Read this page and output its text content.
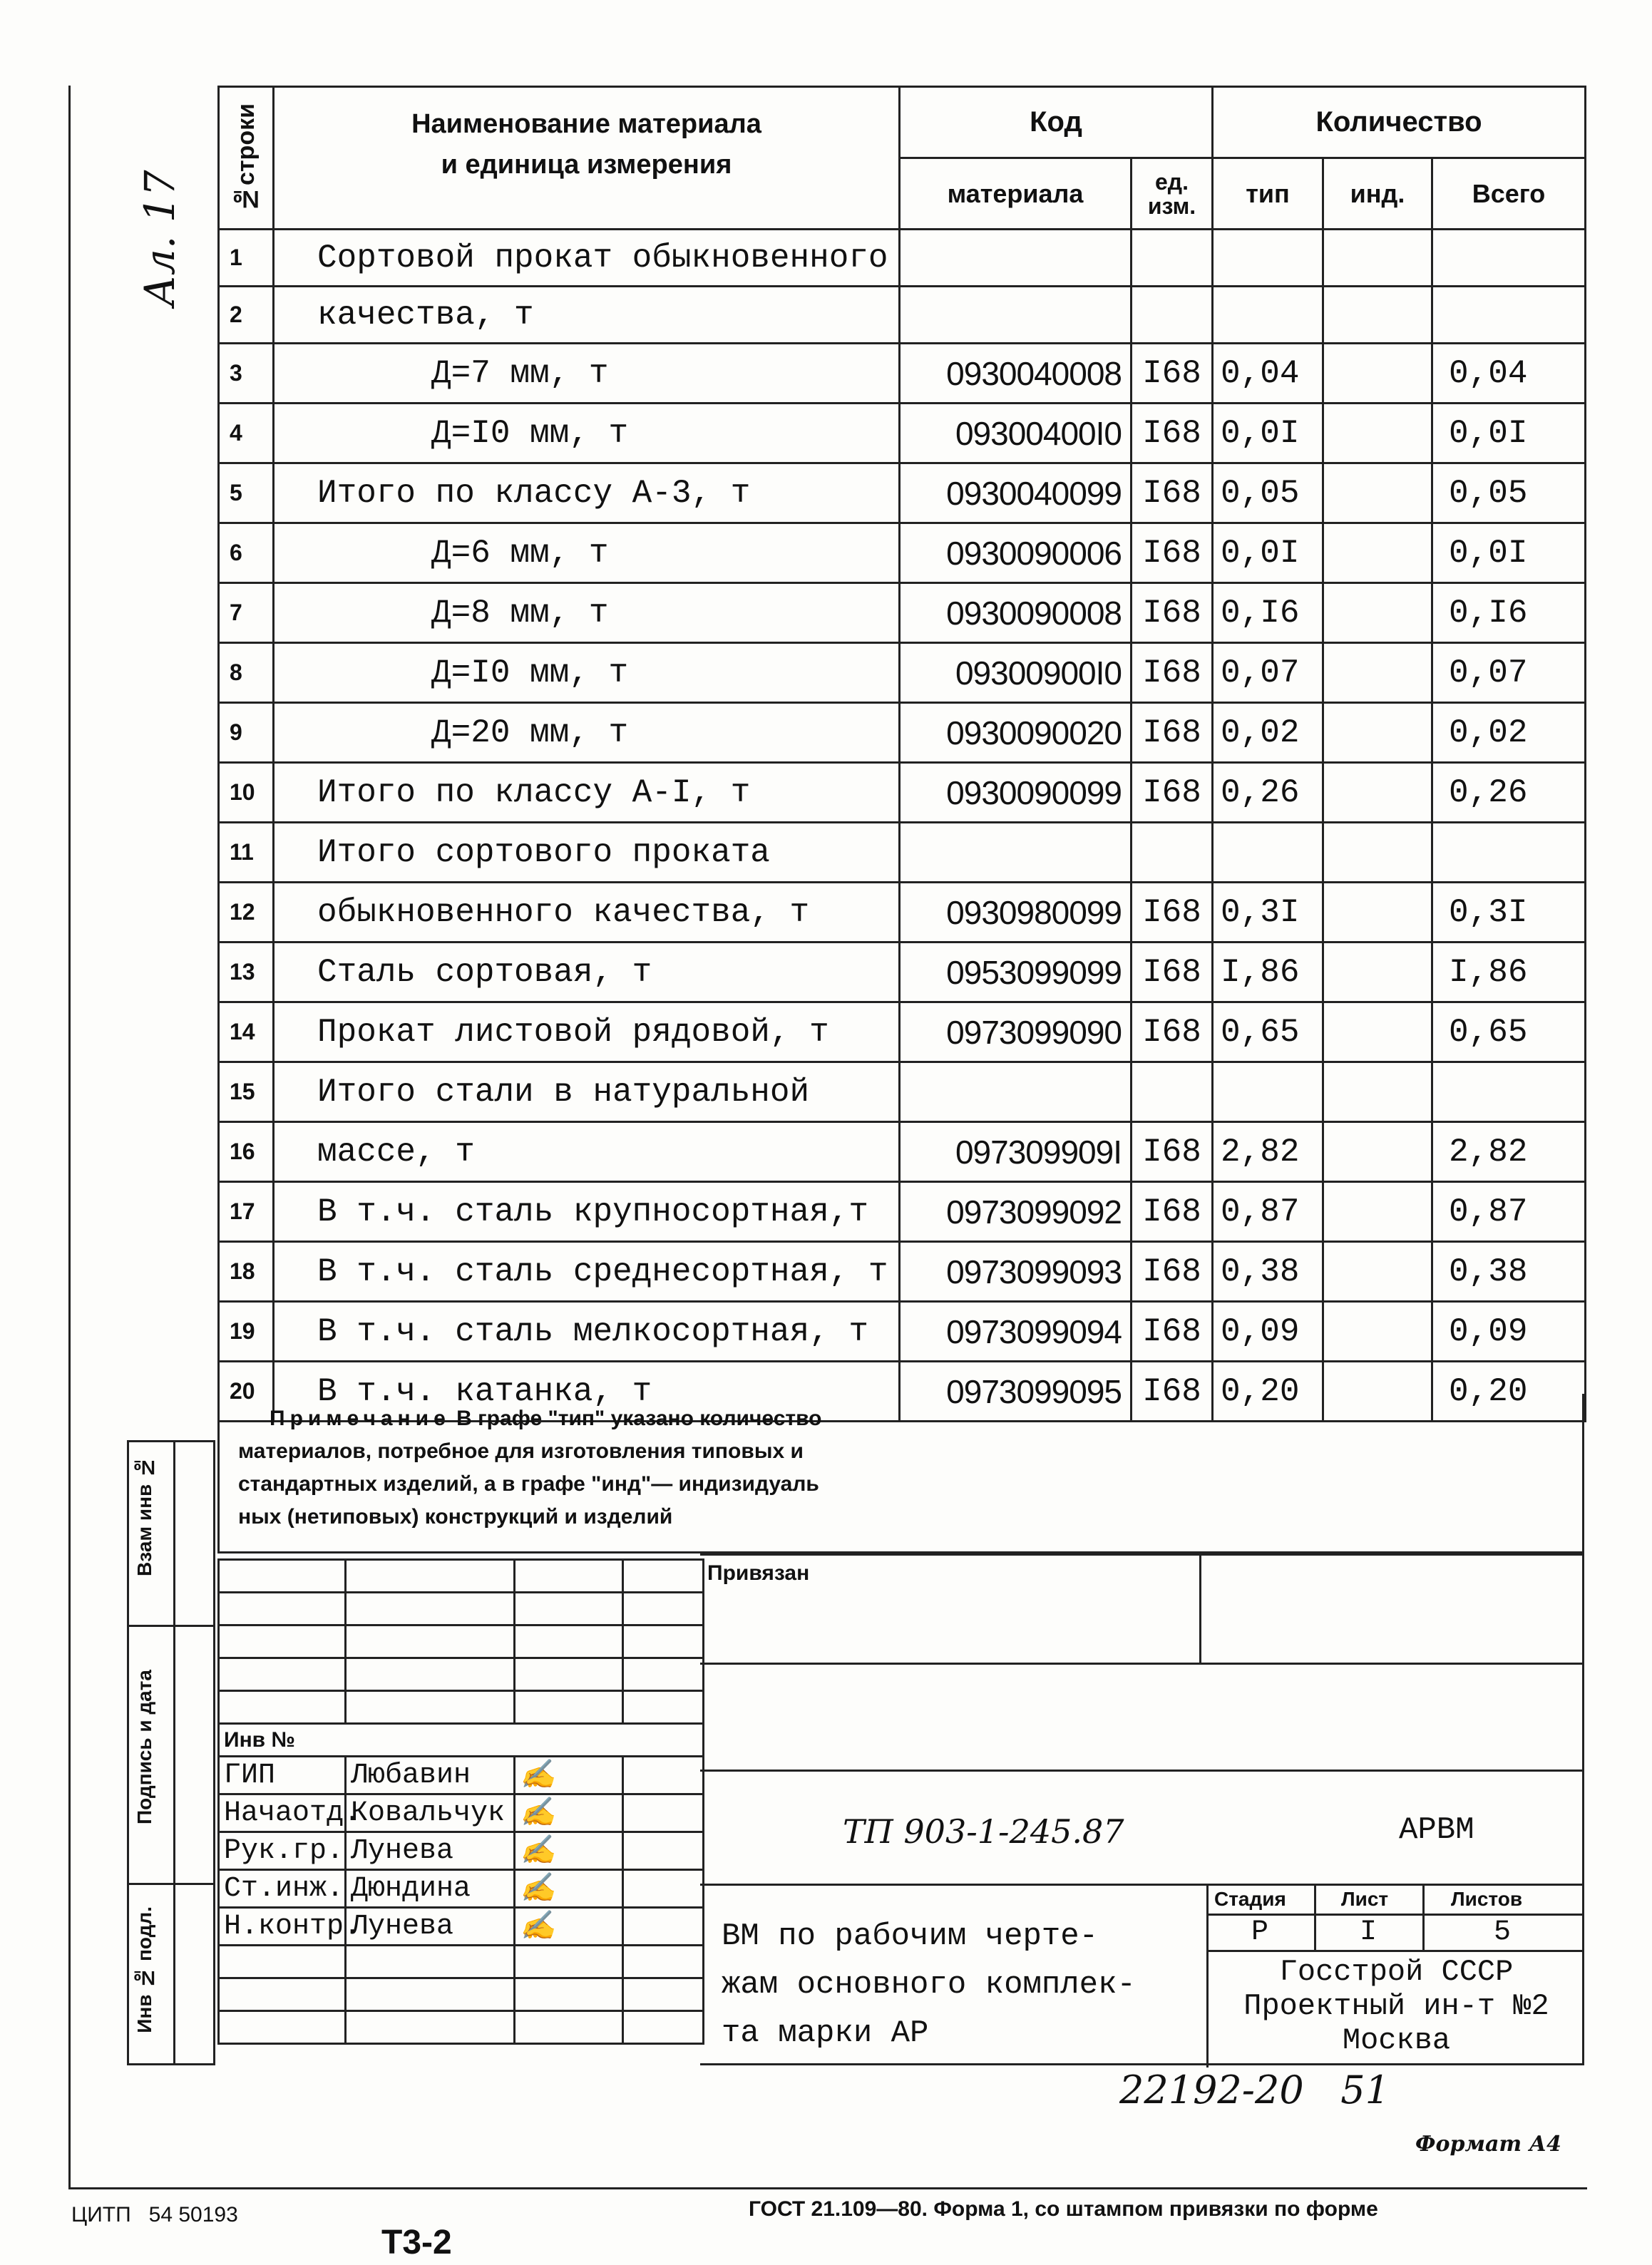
Ал. 17
№строки	Наименование материала
и единица измерения	Код		Количество		
		материала	ед. изм.	тип	инд.	Всего
1	Сортовой прокат обыкновенного					
2	качества, т					
3	Д=7 мм, т	0930040008	I68	0,04		0,04
4	Д=I0 мм, т	09300400I0	I68	0,0I		0,0I
5	Итого по классу А-3, т	0930040099	I68	0,05		0,05
6	Д=6 мм, т	0930090006	I68	0,0I		0,0I
7	Д=8 мм, т	0930090008	I68	0,I6		0,I6
8	Д=I0 мм, т	09300900I0	I68	0,07		0,07
9	Д=20 мм, т	0930090020	I68	0,02		0,02
10	Итого по классу А-I, т	0930090099	I68	0,26		0,26
11	Итого сортового проката					
12	обыкновенного качества, т	0930980099	I68	0,3I		0,3I
13	Сталь сортовая, т	0953099099	I68	I,86		I,86
14	Прокат листовой рядовой, т	0973099090	I68	0,65		0,65
15	Итого стали в натуральной					
16	массе, т	097309909I	I68	2,82		2,82
17	В т.ч. сталь крупносортная,т	0973099092	I68	0,87		0,87
18	В т.ч. сталь среднесортная, т	0973099093	I68	0,38		0,38
19	В т.ч. сталь мелкосортная, т	0973099094	I68	0,09		0,09
20	В т.ч. катанка, т	0973099095	I68	0,20		0,20
Примечание В графе "тип" указано количество
материалов, потребное для изготовления типовых и
стандартных изделий, а в графе "инд"— индизидуаль
ных (нетиповых) конструкций и изделий
Взам инв №
Подпись и дата
Инв № подл.

Инв №			
ГИП	Любавин	✍	
Начаотд.	Ковальчук	✍	
Рук.гр.	Лунева	✍	
Ст.инж.	Дюндина	✍	
Н.контр.	Лунева	✍	

Привязан
ТП 903-1-245.87	АРВМ
ВМ по рабочим черте-
жам основного комплек-
та марки АР
Стадия	Лист	Листов
Р	I	5
Госстрой СССР
Проектный ин-т №2
Москва
22192-20   51
Формат А4
ЦИТП   54 50193	ГОСТ 21.109—80. Форма 1, со штампом привязки по форме
Т3-2
